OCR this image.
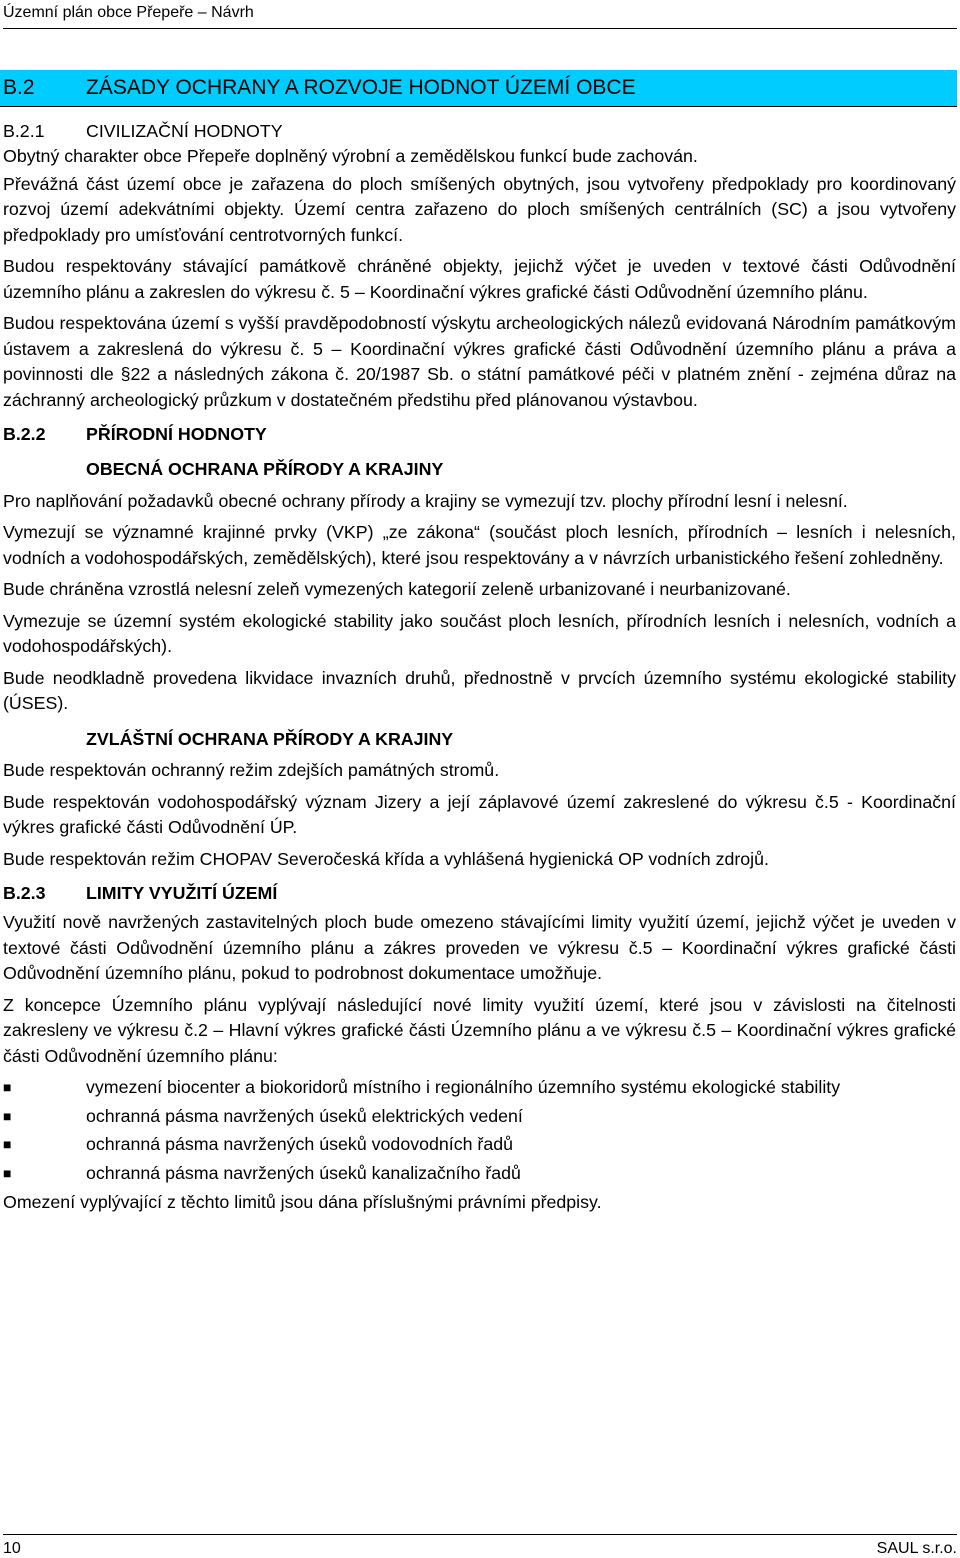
Územní plán obce Přepeře – Návrh
B.2 ZÁSADY OCHRANY A ROZVOJE HODNOT ÚZEMÍ OBCE
B.2.1	CIVILIZAČNÍ HODNOTY

Obytný charakter obce Přepeře doplněný výrobní a zemědělskou funkcí bude zachován.

Převážná část území obce je zařazena do ploch smíšených obytných, jsou vytvořeny předpoklady pro koordinovaný rozvoj území adekvátními objekty. Území centra zařazeno do ploch smíšených centrálních (SC) a jsou vytvořeny předpoklady pro umísťování centrotvorných funkcí.

Budou respektovány stávající památkově chráněné objekty, jejichž výčet je uveden v textové části Odůvodnění územního plánu a zakreslen do výkresu č. 5 – Koordinační výkres grafické části Odůvodnění územního plánu.

Budou respektována území s vyšší pravděpodobností výskytu archeologických nálezů evidovaná Národním památkovým ústavem a zakreslená do výkresu č. 5 – Koordinační výkres grafické části Odůvodnění územního plánu a práva a povinnosti dle §22 a následných zákona č. 20/1987 Sb. o státní památkové péči v platném znění - zejména důraz na záchranný archeologický průzkum v dostatečném předstihu před plánovanou výstavbou.

B.2.2	PŘÍRODNÍ HODNOTY
OBECNÁ OCHRANA PŘÍRODY A KRAJINY

Pro naplňování požadavků obecné ochrany přírody a krajiny se vymezují tzv. plochy přírodní lesní i nelesní.

Vymezují se významné krajinné prvky (VKP) „ze zákona“ (součást ploch lesních, přírodních – lesních i nelesních, vodních a vodohospodářských, zemědělských), které jsou respektovány a v návrzích urbanistického řešení zohledněny.

Bude chráněna vzrostlá nelesní zeleň vymezených kategorií zeleně urbanizované i neurbanizované.

Vymezuje se územní systém ekologické stability jako součást ploch lesních, přírodních lesních i nelesních, vodních a vodohospodářských).

Bude neodkladně provedena likvidace invazních druhů, přednostně v prvcích územního systému ekologické stability (ÚSES).

ZVLÁŠTNÍ OCHRANA PŘÍRODY A KRAJINY

Bude respektován ochranný režim zdejších památných stromů.

Bude respektován vodohospodářský význam Jizery a její záplavové území zakreslené do výkresu č.5 - Koordinační výkres grafické části Odůvodnění ÚP.

Bude respektován režim CHOPAV Severočeská křída a vyhlášená hygienická OP vodních zdrojů.

B.2.3	LIMITY VYUŽITÍ ÚZEMÍ

Využití nově navržených zastavitelných ploch bude omezeno stávajícími limity využití území, jejichž výčet je uveden v textové části Odůvodnění územního plánu a zákres proveden ve výkresu č.5 – Koordinační výkres grafické části Odůvodnění územního plánu, pokud to podrobnost dokumentace umožňuje.

Z koncepce Územního plánu vyplývají následující nové limity využití území, které jsou v závislosti na čitelnosti zakresleny ve výkresu č.2 – Hlavní výkres grafické části Územního plánu a ve výkresu č.5 – Koordinační výkres grafické části Odůvodnění územního plánu:

■	vymezení biocenter a biokoridorů místního i regionálního územního systému ekologické stability
■	ochranná pásma navržených úseků elektrických vedení
■	ochranná pásma navržených úseků vodovodních řadů
■	ochranná pásma navržených úseků kanalizačního řadů

Omezení vyplývající z těchto limitů jsou dána příslušnými právními předpisy.

10	SAUL s.r.o.
